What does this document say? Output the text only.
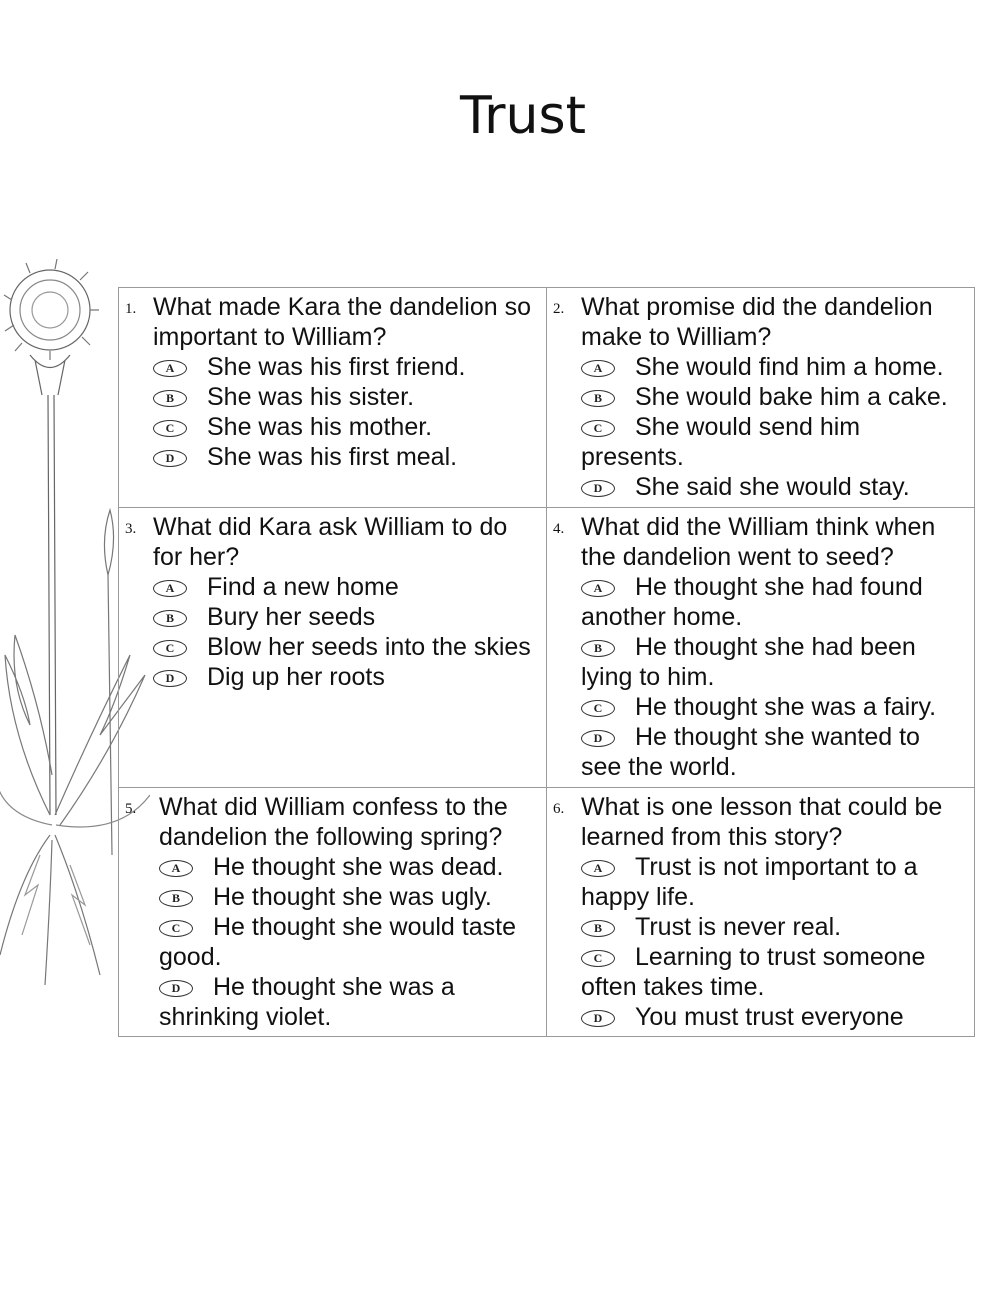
Trust
1. What made Kara the dandelion so important to William?
A She was his first friend.
B She was his sister.
C She was his mother.
D She was his first meal.
2. What promise did the dandelion make to William?
A She would find him a home.
B She would bake him a cake.
C She would send him presents.
D She said she would stay.
3. What did Kara ask William to do for her?
A Find a new home
B Bury her seeds
C Blow her seeds into the skies
D Dig up her roots
4. What did the William think when the dandelion went to seed?
A He thought she had found another home.
B He thought she had been lying to him.
C He thought she was a fairy.
D He thought she wanted to see the world.
5. What did William confess to the dandelion the following spring?
A He thought she was dead.
B He thought she was ugly.
C He thought she would taste good.
D He thought she was a shrinking violet.
6. What is one lesson that could be learned from this story?
A Trust is not important to a happy life.
B Trust is never real.
C Learning to trust someone often takes time.
D You must trust everyone
